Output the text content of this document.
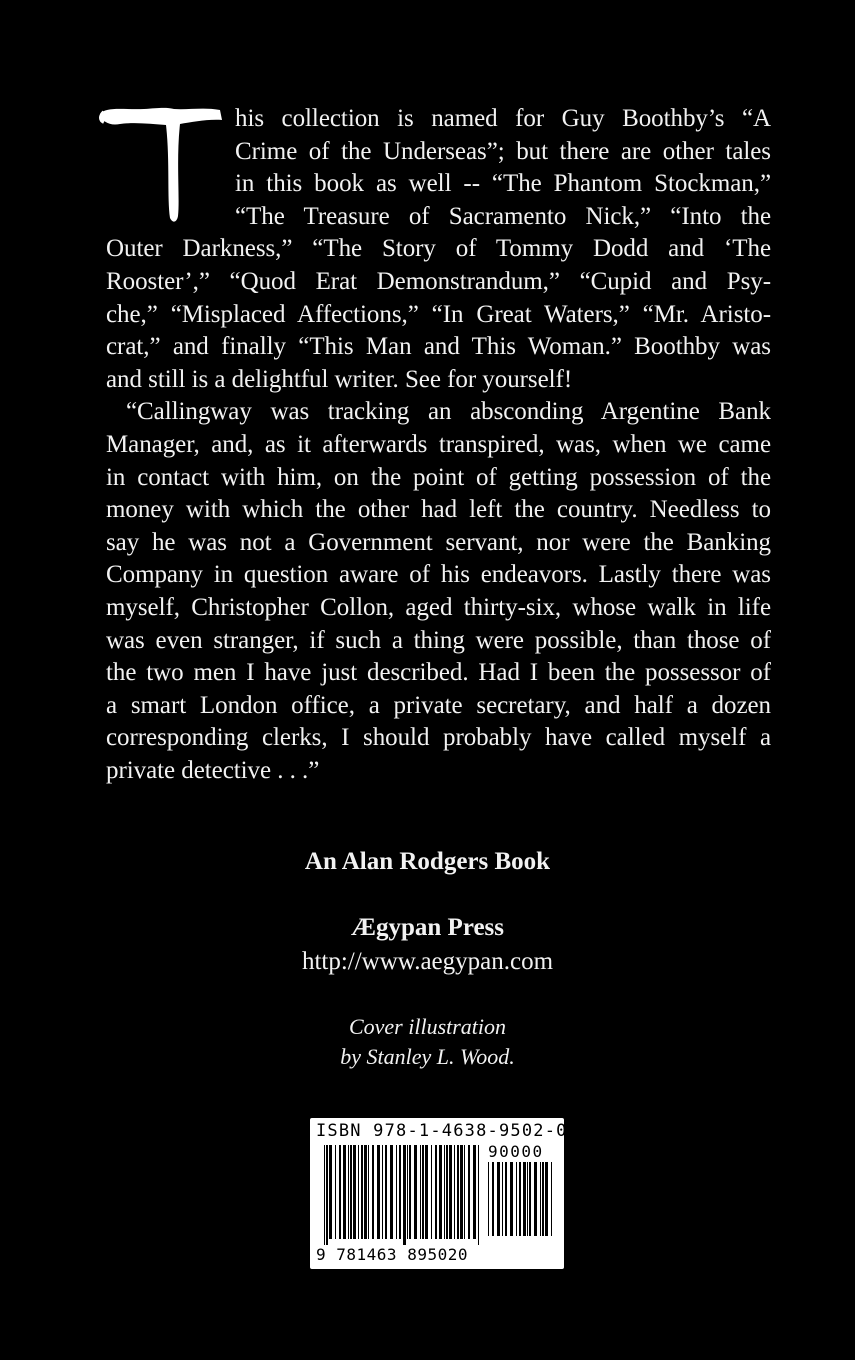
his collection is named for Guy Boothby’s “A
Crime of the Underseas”; but there are other tales
in this book as well -- “The Phantom Stockman,”
“The Treasure of Sacramento Nick,” “Into the
Outer Darkness,” “The Story of Tommy Dodd and ‘The
Rooster’,” “Quod Erat Demonstrandum,” “Cupid and Psy-
che,” “Misplaced Affections,” “In Great Waters,” “Mr. Aristo-
crat,” and finally “This Man and This Woman.” Boothby was
and still is a delightful writer. See for yourself!
“Callingway was tracking an absconding Argentine Bank
Manager, and, as it afterwards transpired, was, when we came
in contact with him, on the point of getting possession of the
money with which the other had left the country. Needless to
say he was not a Government servant, nor were the Banking
Company in question aware of his endeavors. Lastly there was
myself, Christopher Collon, aged thirty-six, whose walk in life
was even stranger, if such a thing were possible, than those of
the two men I have just described. Had I been the possessor of
a smart London office, a private secretary, and half a dozen
corresponding clerks, I should probably have called myself a
private detective . . .”
An Alan Rodgers Book
Ægypan Press
http://www.aegypan.com
Cover illustration
by Stanley L. Wood.
ISBN 978-1-4638-9502-0
90000
9 781463 895020
